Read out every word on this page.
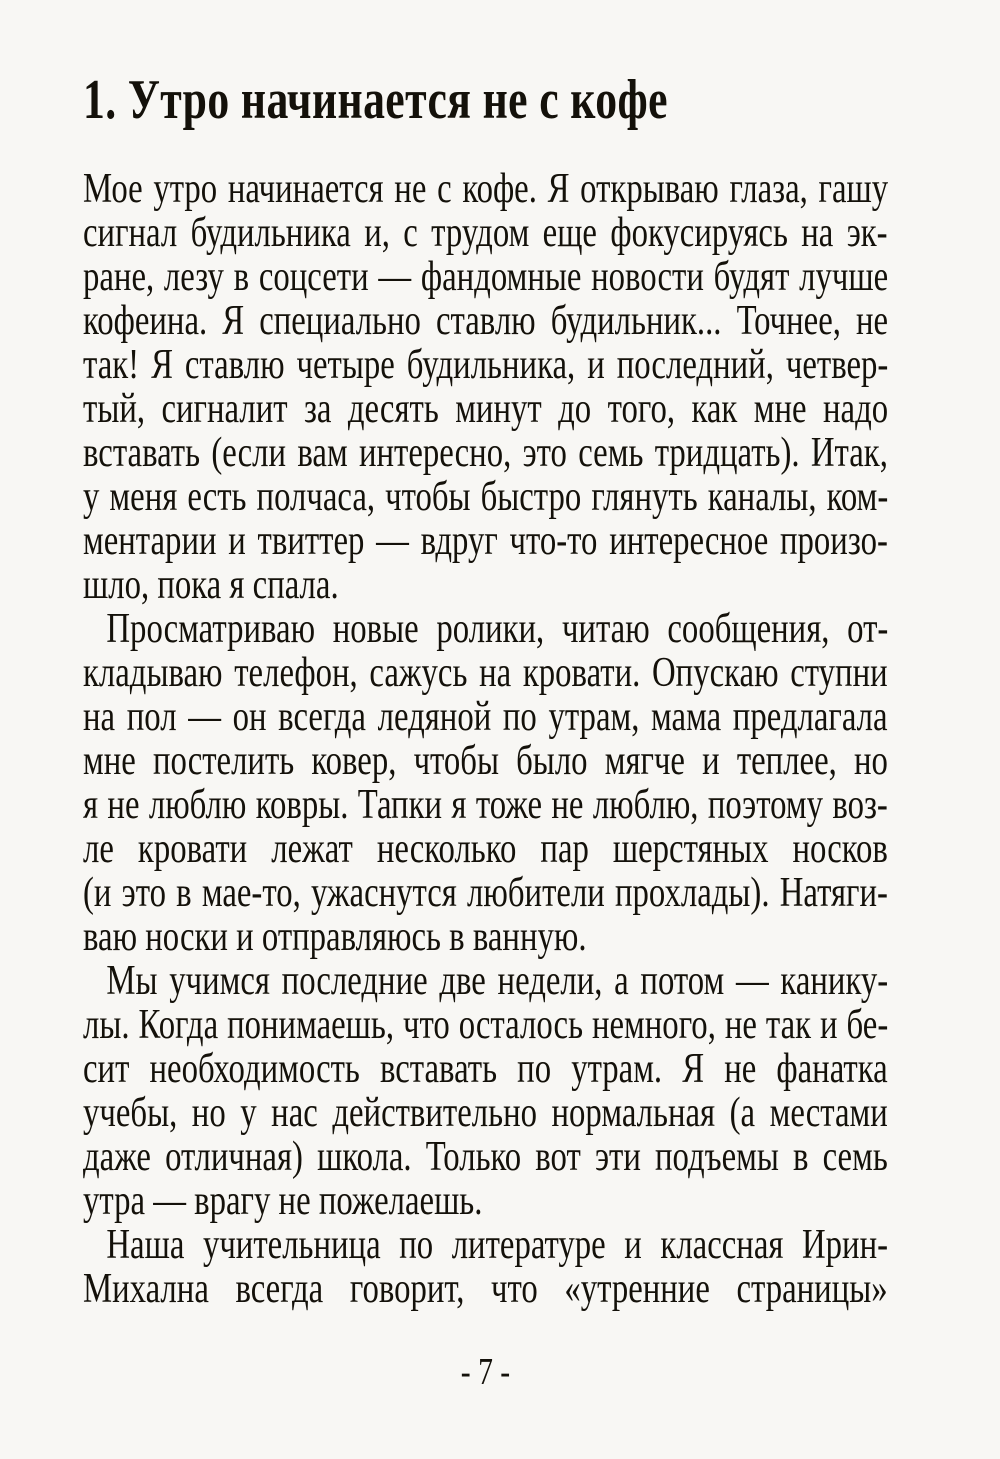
1. Утро начинается не с кофе
Мое утро начинается не с кофе. Я открываю глаза, гашу
сигнал будильника и, с трудом еще фокусируясь на эк-
ране, лезу в соцсети — фандомные новости будят лучше
кофеина. Я специально ставлю будильник... Точнее, не
так! Я ставлю четыре будильника, и последний, четвер-
тый, сигналит за десять минут до того, как мне надо
вставать (если вам интересно, это семь тридцать). Итак,
у меня есть полчаса, чтобы быстро глянуть каналы, ком-
ментарии и твиттер — вдруг что-то интересное произо-
шло, пока я спала.
Просматриваю новые ролики, читаю сообщения, от-
кладываю телефон, сажусь на кровати. Опускаю ступни
на пол — он всегда ледяной по утрам, мама предлагала
мне постелить ковер, чтобы было мягче и теплее, но
я не люблю ковры. Тапки я тоже не люблю, поэтому воз-
ле кровати лежат несколько пар шерстяных носков
(и это в мае-то, ужаснутся любители прохлады). Натяги-
ваю носки и отправляюсь в ванную.
Мы учимся последние две недели, а потом — канику-
лы. Когда понимаешь, что осталось немного, не так и бе-
сит необходимость вставать по утрам. Я не фанатка
учебы, но у нас действительно нормальная (а местами
даже отличная) школа. Только вот эти подъемы в семь
утра — врагу не пожелаешь.
Наша учительница по литературе и классная Ирин-
Михална всегда говорит, что «утренние страницы»
- 7 -
